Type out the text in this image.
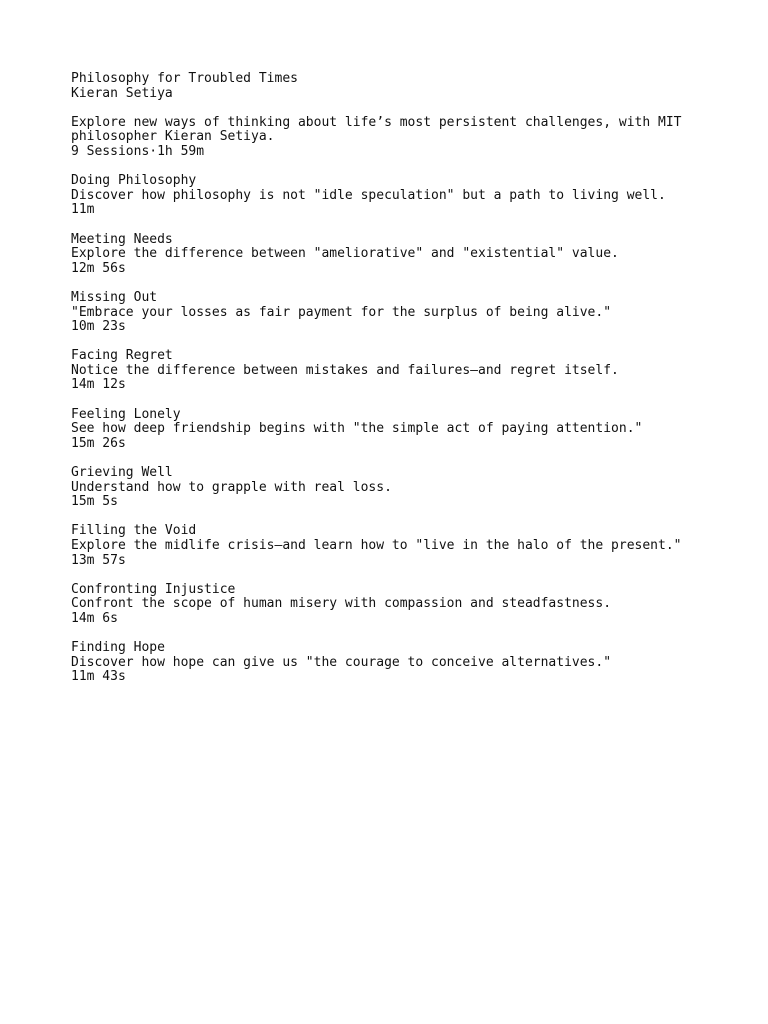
Philosophy for Troubled Times
Kieran Setiya
Explore new ways of thinking about life’s most persistent challenges, with MIT philosopher Kieran Setiya.
9 Sessions·1h 59m
Doing Philosophy
Discover how philosophy is not "idle speculation" but a path to living well.
11m
Meeting Needs
Explore the difference between "ameliorative" and "existential" value.
12m 56s
Missing Out
"Embrace your losses as fair payment for the surplus of being alive."
10m 23s
Facing Regret
Notice the difference between mistakes and failures—and regret itself.
14m 12s
Feeling Lonely
See how deep friendship begins with "the simple act of paying attention."
15m 26s
Grieving Well
Understand how to grapple with real loss.
15m 5s
Filling the Void
Explore the midlife crisis—and learn how to "live in the halo of the present."
13m 57s
Confronting Injustice
Confront the scope of human misery with compassion and steadfastness.
14m 6s
Finding Hope
Discover how hope can give us "the courage to conceive alternatives."
11m 43s
